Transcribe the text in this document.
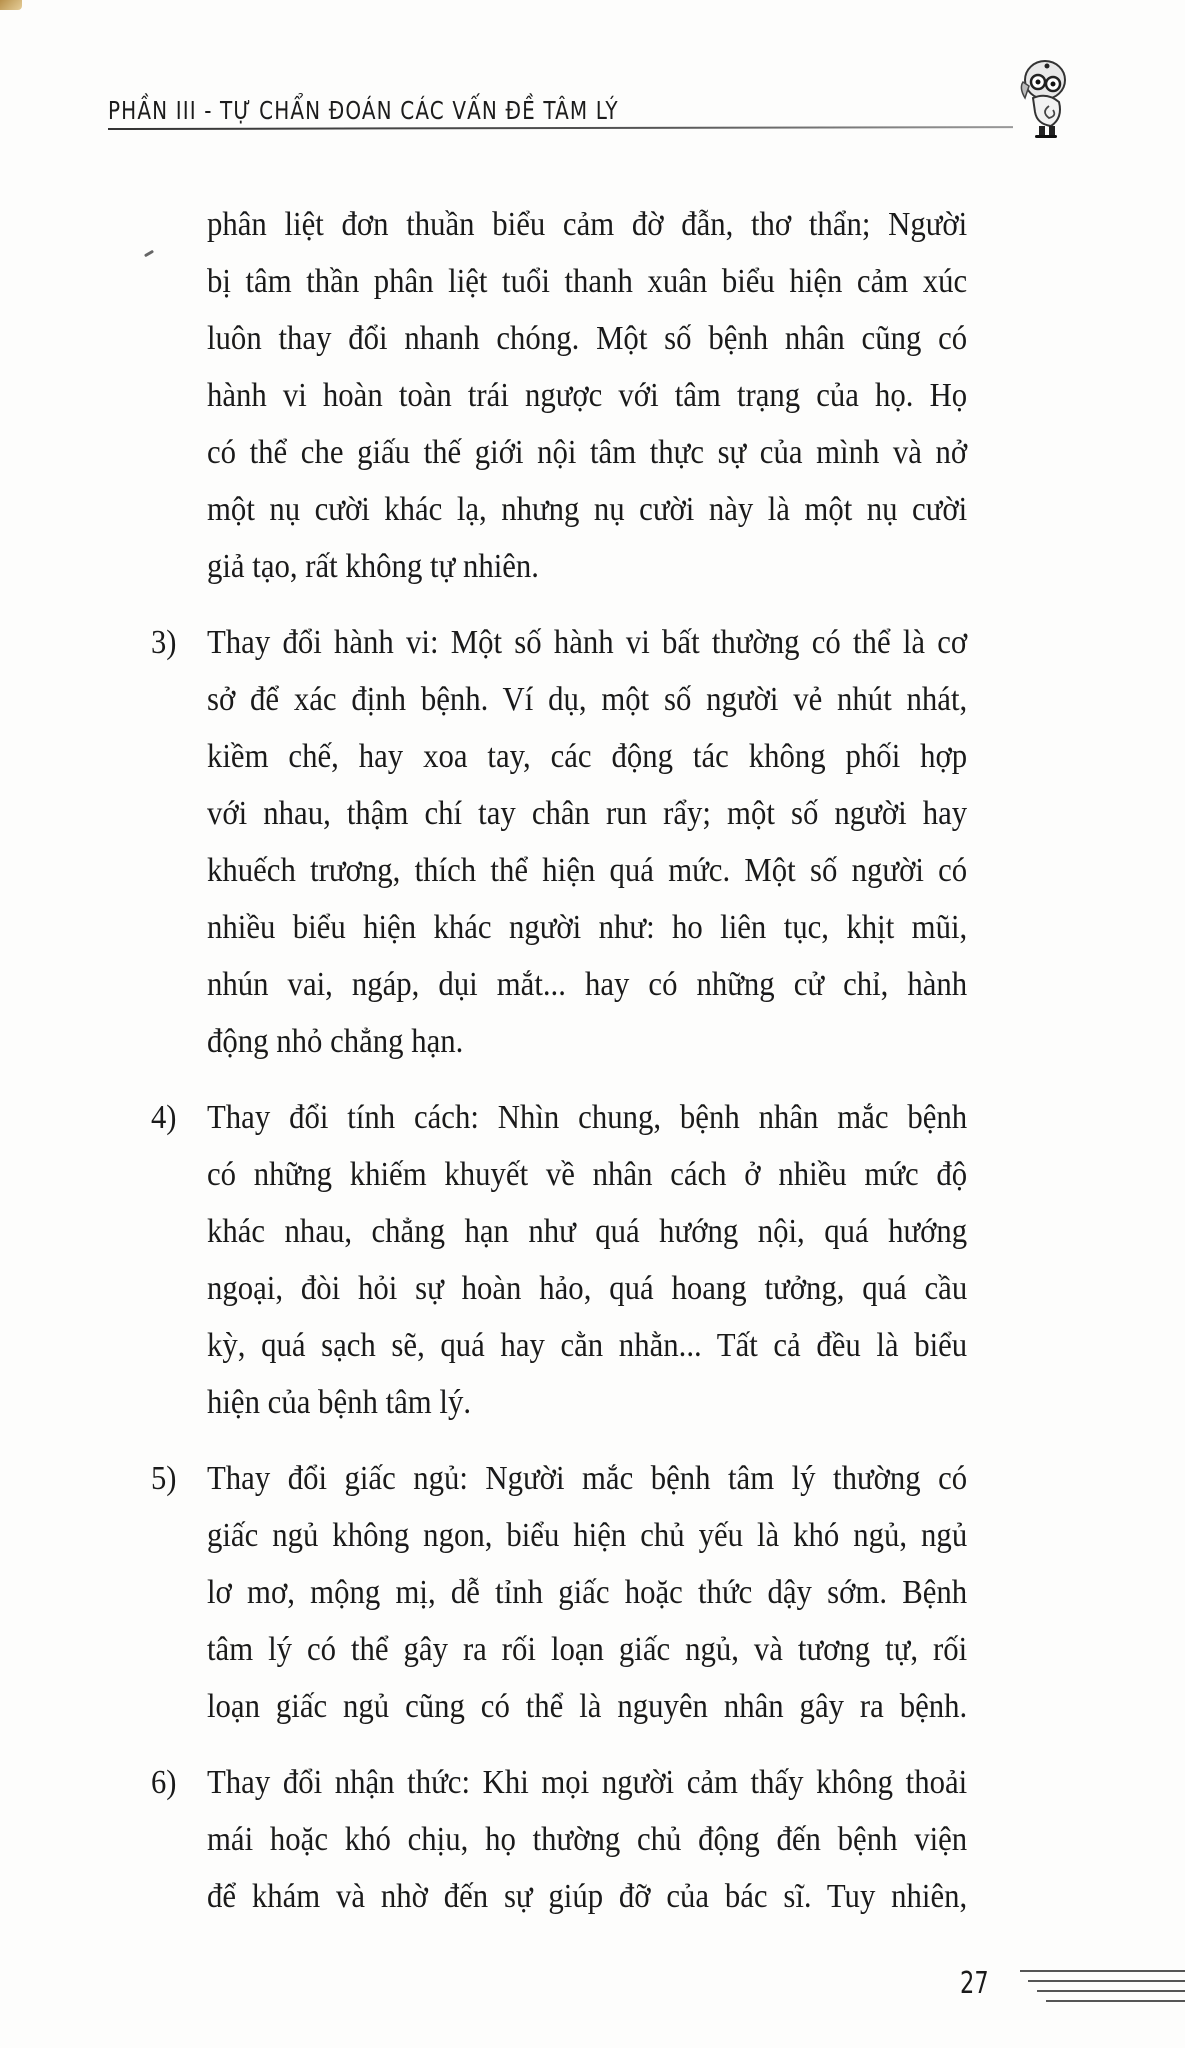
PHẦN III - TỰ CHẨN ĐOÁN CÁC VẤN ĐỀ TÂM LÝ
phân liệt đơn thuần biểu cảm đờ đẫn, thơ thẩn; Người
bị tâm thần phân liệt tuổi thanh xuân biểu hiện cảm xúc
luôn thay đổi nhanh chóng. Một số bệnh nhân cũng có
hành vi hoàn toàn trái ngược với tâm trạng của họ. Họ
có thể che giấu thế giới nội tâm thực sự của mình và nở
một nụ cười khác lạ, nhưng nụ cười này là một nụ cười
giả tạo, rất không tự nhiên.
3) Thay đổi hành vi: Một số hành vi bất thường có thể là cơ
sở để xác định bệnh. Ví dụ, một số người vẻ nhút nhát,
kiềm chế, hay xoa tay, các động tác không phối hợp
với nhau, thậm chí tay chân run rẩy; một số người hay
khuếch trương, thích thể hiện quá mức. Một số người có
nhiều biểu hiện khác người như: ho liên tục, khịt mũi,
nhún vai, ngáp, dụi mắt... hay có những cử chỉ, hành
động nhỏ chẳng hạn.
4) Thay đổi tính cách: Nhìn chung, bệnh nhân mắc bệnh
có những khiếm khuyết về nhân cách ở nhiều mức độ
khác nhau, chẳng hạn như quá hướng nội, quá hướng
ngoại, đòi hỏi sự hoàn hảo, quá hoang tưởng, quá cầu
kỳ, quá sạch sẽ, quá hay cằn nhằn... Tất cả đều là biểu
hiện của bệnh tâm lý.
5) Thay đổi giấc ngủ: Người mắc bệnh tâm lý thường có
giấc ngủ không ngon, biểu hiện chủ yếu là khó ngủ, ngủ
lơ mơ, mộng mị, dễ tỉnh giấc hoặc thức dậy sớm. Bệnh
tâm lý có thể gây ra rối loạn giấc ngủ, và tương tự, rối
loạn giấc ngủ cũng có thể là nguyên nhân gây ra bệnh.
6) Thay đổi nhận thức: Khi mọi người cảm thấy không thoải
mái hoặc khó chịu, họ thường chủ động đến bệnh viện
để khám và nhờ đến sự giúp đỡ của bác sĩ. Tuy nhiên,
27
